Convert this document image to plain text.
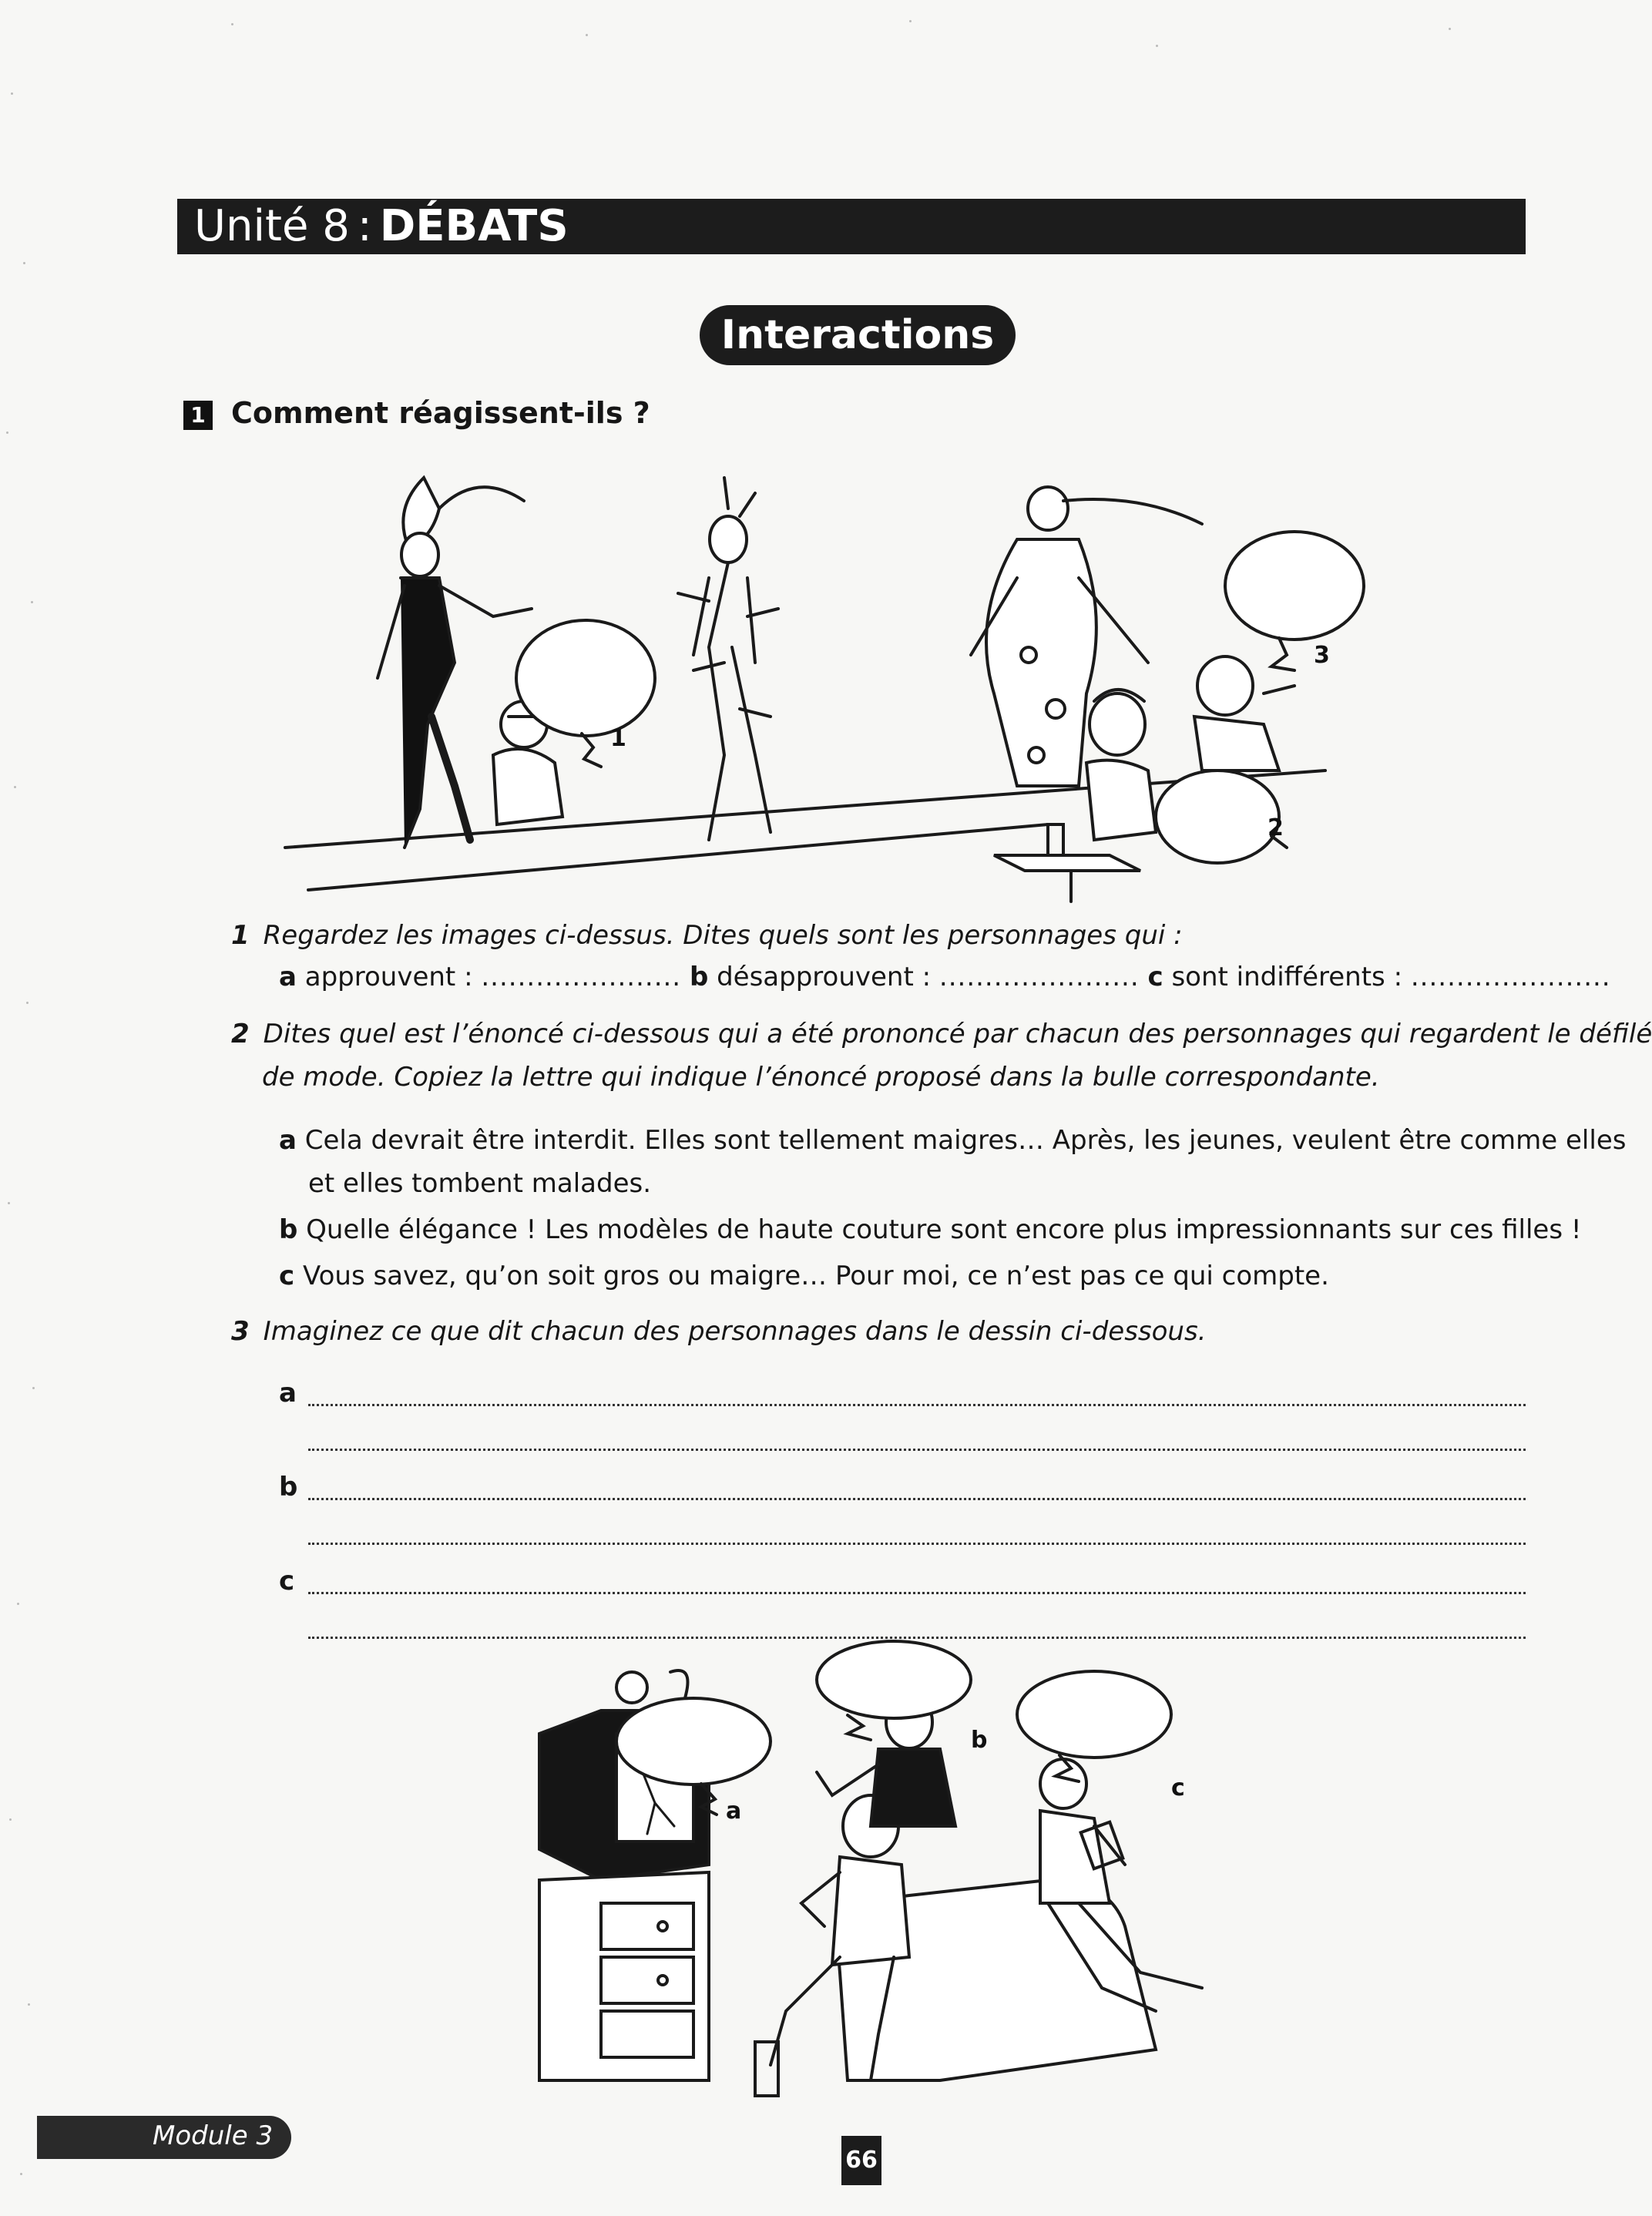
Unité 8 : DÉBATS
Interactions
1 Comment réagissent-ils ?
1
2
3
1 Regardez les images ci-dessus. Dites quels sont les personnages qui :
a approuvent : ...................... b désapprouvent : ...................... c sont indifférents : ......................
2 Dites quel est l’énoncé ci-dessous qui a été prononcé par chacun des personnages qui regardent le défilé
de mode. Copiez la lettre qui indique l’énoncé proposé dans la bulle correspondante.
a Cela devrait être interdit. Elles sont tellement maigres… Après, les jeunes, veulent être comme elles
et elles tombent malades.
b Quelle élégance ! Les modèles de haute couture sont encore plus impressionnants sur ces filles !
c Vous savez, qu’on soit gros ou maigre… Pour moi, ce n’est pas ce qui compte.
3 Imaginez ce que dit chacun des personnages dans le dessin ci-dessous.
a
b
c
a
b
c
Module 3
66
